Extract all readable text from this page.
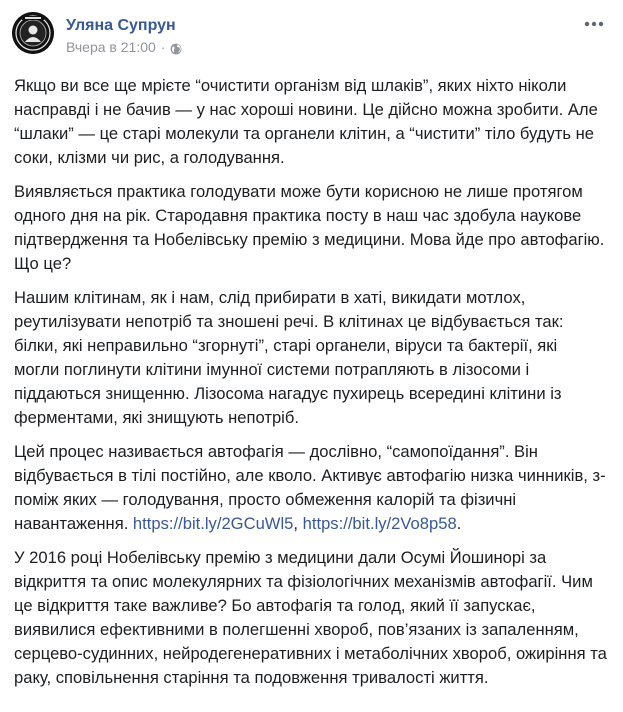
Уляна Супрун
Вчера в 21:00 ·

Якщо ви все ще мрієте “очистити організм від шлаків”, яких ніхто ніколи насправді і не бачив — у нас хороші новини. Це дійсно можна зробити. Але “шлаки” — це старі молекули та органели клітин, а “чистити” тіло будуть не соки, клізми чи рис, а голодування.

Виявляється практика голодувати може бути корисною не лише протягом одного дня на рік. Стародавня практика посту в наш час здобула наукове підтвердження та Нобелівську премію з медицини. Мова йде про автофагію. Що це?

Нашим клітинам, як і нам, слід прибирати в хаті, викидати мотлох, реутилізувати непотріб та зношені речі. В клітинах це відбувається так: білки, які неправильно “згорнуті”, старі органели, віруси та бактерії, які могли поглинути клітини імунної системи потрапляють в лізосоми і піддаються знищенню. Лізосома нагадує пухирець всередині клітини із ферментами, які знищують непотріб.

Цей процес називається автофагія — дослівно, “самопоїдання”. Він відбувається в тілі постійно, але кволо. Активує автофагію низка чинників, з-поміж яких — голодування, просто обмеження калорій та фізичні навантаження. https://bit.ly/2GCuWl5, https://bit.ly/2Vo8p58.

У 2016 році Нобелівську премію з медицини дали Осумі Йошинорі за відкриття та опис молекулярних та фізіологічних механізмів автофагії. Чим це відкриття таке важливе? Бо автофагія та голод, який її запускає, виявилися ефективними в полегшенні хвороб, пов’язаних із запаленням, серцево-судинних, нейродегенеративних і метаболічних хвороб, ожиріння та раку, сповільнення старіння та подовження тривалості життя.
